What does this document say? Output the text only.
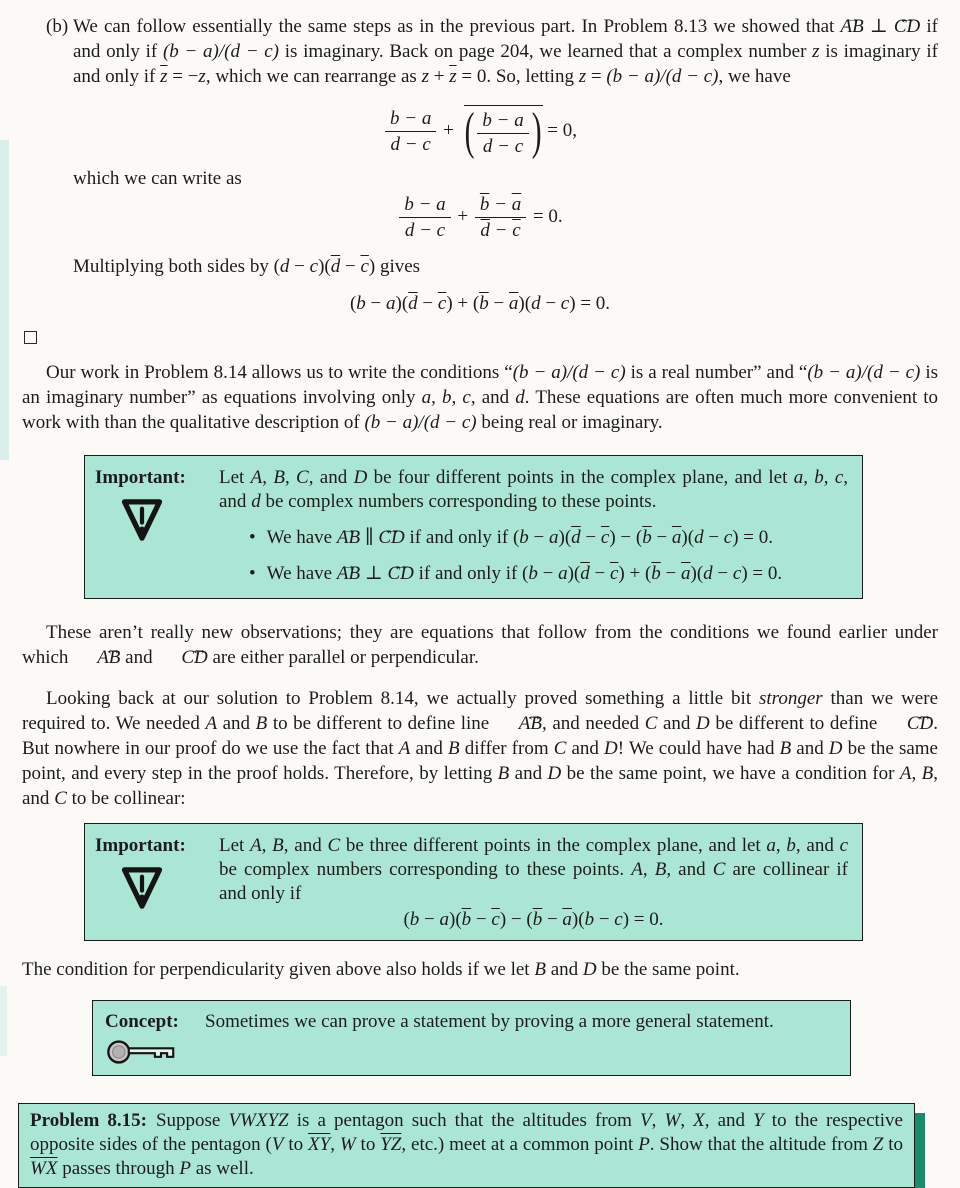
(b) We can follow essentially the same steps as in the previous part. In Problem 8.13 we showed that AB ↔ ⊥ CD ↔ if and only if (b − a)/(d − c) is imaginary. Back on page 204, we learned that a complex number z is imaginary if and only if $\overline{z} = -z$, which we can rearrange as $z + \overline{z} = 0$. So, letting z = (b − a)/(d − c), we have

$\frac{b - a}{d - c}$ + ( $\frac{b - a}{d - c}$ ) = 0,

which we can write as

$\frac{b - a}{d - c} + \frac{\overline{b} - \overline{a}}{\overline{d} - \overline{c}} = 0$.

Multiplying both sides by $(d - c)(\overline{d} - \overline{c})$ gives

$(b - a)(\overline{d} - \overline{c}) + (\overline{b} - \overline{a})(d - c) = 0$.

Our work in Problem 8.14 allows us to write the conditions “(b − a)/(d − c) is a real number” and “(b − a)/(d − c) is an imaginary number” as equations involving only a, b, c, and d. These equations are often much more convenient to work with than the qualitative description of (b − a)/(d − c) being real or imaginary.

Important:	Let A, B, C, and D be four different points in the complex plane, and let a, b, c, and d be complex numbers corresponding to these points.

• We have AB ↔ ∥ CD ↔ if and only if $(b - a)(\overline{d} - \overline{c}) - (\overline{b} - \overline{a})(d - c) = 0$.
• We have AB ↔ ⊥ CD ↔ if and only if $(b - a)(\overline{d} - \overline{c}) + (\overline{b} - \overline{a})(d - c) = 0$.

These aren’t really new observations; they are equations that follow from the conditions we found earlier under which AB ↔ and CD ↔ are either parallel or perpendicular.

Looking back at our solution to Problem 8.14, we actually proved something a little bit stronger than we were required to. We needed A and B to be different to define line AB ↔, and needed C and D be different to define CD ↔. But nowhere in our proof do we use the fact that A and B differ from C and D! We could have had B and D be the same point, and every step in the proof holds. Therefore, by letting B and D be the same point, we have a condition for A, B, and C to be collinear:

Important:	Let A, B, and C be three different points in the complex plane, and let a, b, and c be complex numbers corresponding to these points. A, B, and C are collinear if and only if

$(b - a)(\overline{b} - \overline{c}) - (\overline{b} - \overline{a})(b - c) = 0$.

The condition for perpendicularity given above also holds if we let B and D be the same point.

Concept:	Sometimes we can prove a statement by proving a more general statement.

Problem 8.15: Suppose VWXYZ is a pentagon such that the altitudes from V, W, X, and Y to the respective opposite sides of the pentagon (V to $\overline{XY}$, W to $\overline{YZ}$, etc.) meet at a common point P. Show that the altitude from Z to $\overline{WX}$ passes through P as well.
